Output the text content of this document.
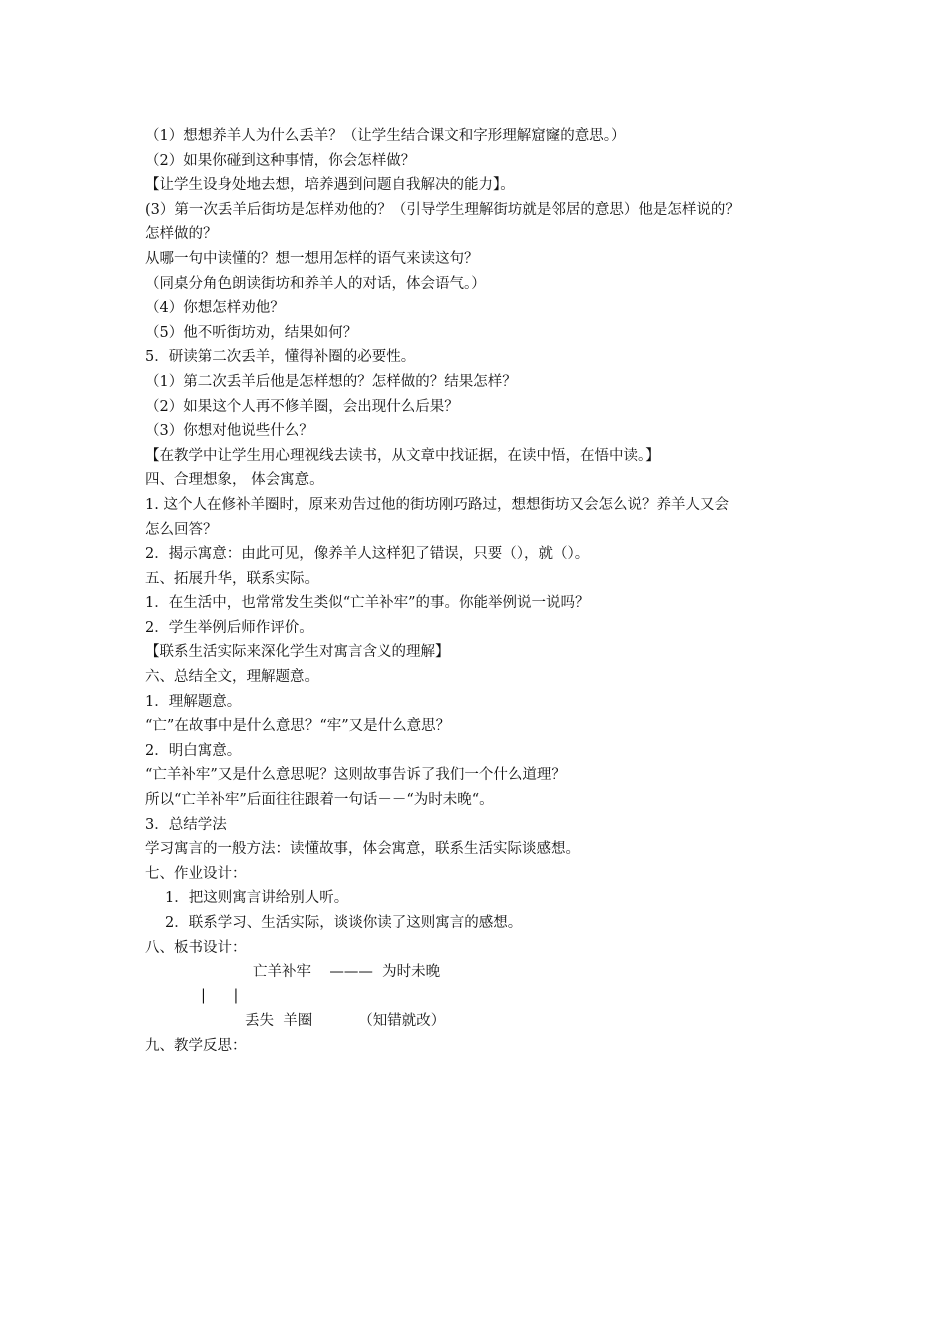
（1）想想养羊人为什么丢羊？（让学生结合课文和字形理解窟窿的意思。）
（2）如果你碰到这种事情，你会怎样做？
【让学生设身处地去想，培养遇到问题自我解决的能力】。
(3）第一次丢羊后街坊是怎样劝他的？（引导学生理解街坊就是邻居的意思）他是怎样说的？
怎样做的？
从哪一句中读懂的？想一想用怎样的语气来读这句？
（同桌分角色朗读街坊和养羊人的对话，体会语气。）
（4）你想怎样劝他？
（5）他不听街坊劝，结果如何？
5．研读第二次丢羊，懂得补圈的必要性。
（1）第二次丢羊后他是怎样想的？怎样做的？结果怎样？
（2）如果这个人再不修羊圈，会出现什么后果？
（3）你想对他说些什么？
【在教学中让学生用心理视线去读书，从文章中找证据，在读中悟，在悟中读。】
四、合理想象， 体会寓意。
1. 这个人在修补羊圈时，原来劝告过他的街坊刚巧路过，想想街坊又会怎么说？养羊人又会
怎么回答？
2．揭示寓意：由此可见，像养羊人这样犯了错误，只要（），就（）。
五、拓展升华，联系实际。
1．在生活中，也常常发生类似“亡羊补牢”的事。你能举例说一说吗？
2．学生举例后师作评价。
【联系生活实际来深化学生对寓言含义的理解】
六、总结全文，理解题意。
1．理解题意。
“亡”在故事中是什么意思？“牢”又是什么意思？
2．明白寓意。
“亡羊补牢”又是什么意思呢？这则故事告诉了我们一个什么道理？
所以“亡羊补牢”后面往往跟着一句话－－“为时未晚“。
3．总结学法
学习寓言的一般方法：读懂故事，体会寓意，联系生活实际谈感想。
七、作业设计：
1．把这则寓言讲给别人听。
2．联系学习、生活实际，谈谈你读了这则寓言的感想。
八、板书设计：
亡羊补牢    ———  为时未晚
|      |
丢失  羊圈          （知错就改）
九、教学反思：
